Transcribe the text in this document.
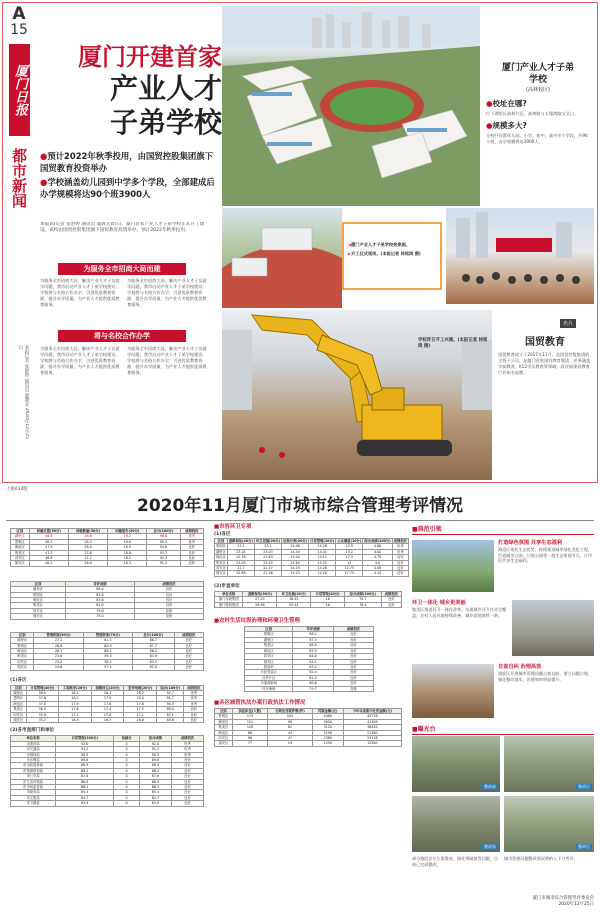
A
15
厦门日报
都市新闻
本报记者 张舒婷 通讯员 厦教宣 2020年12月25日
厦门开建首家
产业人才
子弟学校
●预计2022年秋季投用，由国贸控股集团旗下国贸教育投资举办
●学校涵盖幼儿园到中学多个学段，全部建成后办学规模将达90个班3900人
厦门产业人才子弟学校
(高林校区)
●校址在哪?
位于湖里区高林片区，高林路与五缘湾路交叉口。
●规模多大?
全校共设置幼儿园、小学、初中、高中多个学段，共90个班，办学规模将达3900人。
本报讯(记者 张舒婷 通讯员 厦教宣)昨日，厦门首家产业人才子弟学校正式开工建设。该校由国贸控股集团旗下国贸教育投资举办，预计2022年秋季投用。
为服务全市招商大局而建
为服务全市招商大局，解决产业人才子女就学问题，我市启动产业人才子弟学校建设。学校将与名校合作办学，引进优质教育资源，提升办学质量，为产业人才提供优质教育服务。
为服务全市招商大局，解决产业人才子女就学问题，我市启动产业人才子弟学校建设。学校将与名校合作办学，引进优质教育资源，提升办学质量，为产业人才提供优质教育服务。
将与名校合作办学
为服务全市招商大局，解决产业人才子女就学问题，我市启动产业人才子弟学校建设。学校将与名校合作办学，引进优质教育资源，提升办学质量，为产业人才提供优质教育服务。
为服务全市招商大局，解决产业人才子女就学问题，我市启动产业人才子弟学校建设。学校将与名校合作办学，引进优质教育资源，提升办学质量，为产业人才提供优质教育服务。
◄厦门产业人才子弟学校效果图。
►开工仪式现场。(本报记者 林铭鸿 摄)
名片
国贸教育
国贸教育成立于2017年11月，是国贸控股集团的全资子公司，是厦门首家国有教育集团，业务涵盖学前教育、K12学历教育等领域，获评福建省教育行业知名品牌。
学校昨日开工兴建。(本报记者 林铭鸿 摄)
上接A14版
2020年11月厦门市城市综合管理考评情况
区别	问题处置(50分)	问题数量(30分)	问题报告(20分)	总分(100分)	成绩档次
湖里区	48.8	28.6	19.2	96.6	优秀
思明区	48.2	28.3	19.0	95.5	优秀
海沧区	47.9	28.0	18.9	94.8	良好
集美区	47.3	27.6	18.8	93.7	良好
同安区	46.8	27.2	18.5	92.5	良好
翔安区	46.1	26.9	18.3	91.3	良好
区别	考评成绩	成绩档次
湖里区	86.0	良好
思明区	85.8	良好
海沧区	83.6	良好
集美区	82.0	良好
同安区	79.6	及格
翔安区	79.0	及格
区别	管理机制(30分)	管理效果(70分)	总分(100分)	成绩档次
湖里区	27.2	61.5	88.7	良好
思明区	26.8	60.9	87.7	良好
海沧区	26.1	60.1	86.2	良好
集美区	25.6	59.3	84.9	良好
同安区	25.0	58.2	83.2	良好
翔安区	24.6	57.4	82.0	良好
(1)各区
区别	日常管理(40分)	工地秩序(20分)	道路扬尘(20分)	宣传治理(20分)	综合(100分)	成绩档次
湖里区	38.0	18.4	18.1	18.2	92.7	优秀
思明区	37.6	18.2	17.9	18.0	91.7	优秀
海沧区	37.0	17.9	17.6	17.8	90.3	优秀
集美区	36.5	17.6	17.4	17.5	89.0	良好
同安区	35.8	17.2	17.0	17.1	87.1	良好
翔安区	35.2	16.9	16.7	16.8	85.6	良好
(2)各市直部门和单位
单位名称	日常管理(100分)	加减分	综合成绩	成绩档次
市建设局	92.0	0	92.0	优秀
市交通局	91.2	0	91.2	优秀
市园林局	90.5	0	90.5	优秀
市水利局	89.6	0	89.6	良好
市市政园林局	88.9	0	88.9	良好
市资源规划局	88.2	0	88.2	良好
市公安局	87.6	0	87.6	良好
市生态环境局	86.9	0	86.9	良好
市市场监管局	86.1	0	86.1	良好
市商务局	85.4	0	85.4	良好
市文旅局	84.7	0	84.7	良好
市卫健委	83.9	0	83.9	良好
■市容环卫专项
(1)各区
区别	道路保洁(40分)	环卫设施(20分)	垃圾分类(20分)	日常管理(10分)	公众满意(10分)	综合成绩(100分)	成绩档次
思明区	23.1	23.1	14.06	14.26	12.9	4.88	优秀
湖里区	23.03	23.03	14.44	14.41	13.2	4.00	优秀
海沧区	22.78	22.83	14.05	14.11	17.9	4.79	良好
集美区	23.03	23.03	14.62	14.52	12	4.0	良好
同安区	22.7	22.47	14.19	14.26	12.75	4.08	良好
翔安区	22.69	22.36	14.23	14.18	17.75	4.10	良好
(2)市直单位
单位名称	道路保洁(50分)	环卫设施(20分)	日常管理(20分)	综合成绩(100分)	成绩档次
厦门市政集团	27.25	36.45	16	79.7	良好
厦门路桥集团	26.98	35.44	16	78.4	良好
■农村生活垃圾治理和环境卫生管理
区别	考评成绩	成绩档次
思明区	88.2	良好
湖里区	87.5	良好
集美区	86.8	良好
海沧区	85.9	良好
同安区	84.6	良好
翔安区	84.1	良好
鼓浪屿	83.2	良好
火炬管委会	82.4	良好
自贸片区	81.5	良好
马銮湾新城	80.6	良好
环东海域	79.7	及格
■各区城管执法办案行政执法工作情况
区别	执法队伍(人数)	行政处罚案件数(件)	罚款金额(元)	今年以来累计处罚金额(元)
思明区	173	105	4460	45776
湖里区	151	98	3950	41209
集美区	128	82	3120	36450
海沧区	86	43	2150	21260
同安区	96	47	2380	23118
翔安区	77	19	1250	12500
■典范引领
打造绿色氛围 共享生态福利
海沧区依托生态优势，持续推进城市绿化美化工程，打造城市公园、口袋公园等一批生态景观节点，让市民共享生态福利。
环卫一体化 城乡更美丽
集美区推进环卫一体化改革，实现城乡环卫作业全覆盖，农村人居环境持续改善，城乡面貌焕然一新。
自查自纠 治理高效
翔安区开展城市管理问题自查自纠，建立问题台账，强化整改落实，治理效率明显提升。
■曝光台
整改前	整改后
整改前	整改后
部分路段存在垃圾堆放、绿化带破损等问题，目前已完成整改。
城市管理问题整改情况将纳入下月考评。
厦门市城市综合管理考评委员会
2020年12月25日
